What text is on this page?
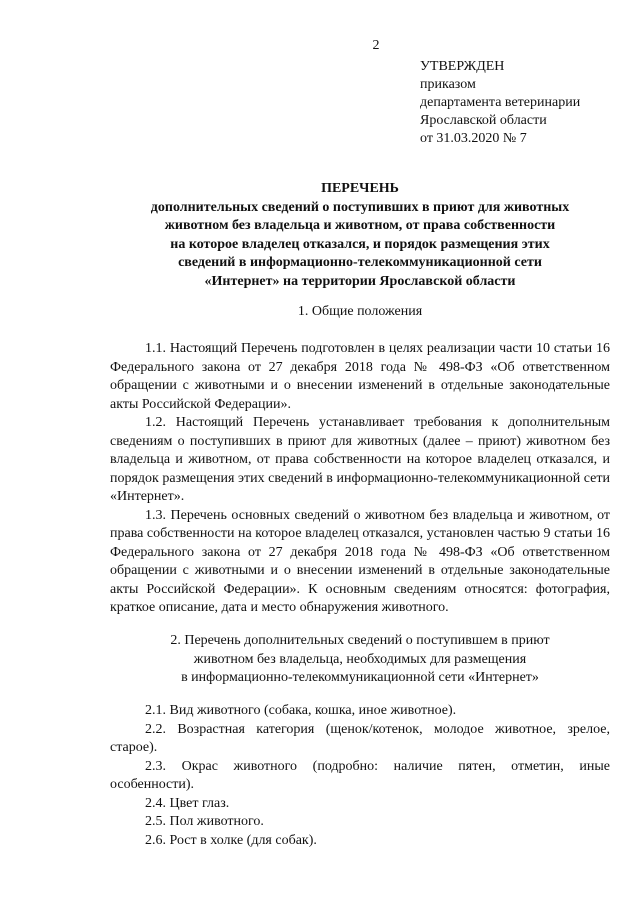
2
УТВЕРЖДЕН
приказом
департамента ветеринарии
Ярославской области
от 31.03.2020 № 7
ПЕРЕЧЕНЬ
дополнительных сведений о поступивших в приют для животных
животном без владельца и животном, от права собственности
на которое владелец отказался, и порядок размещения этих
сведений в информационно-телекоммуникационной сети
«Интернет» на территории Ярославской области
1. Общие положения

1.1. Настоящий Перечень подготовлен в целях реализации части 10 статьи 16 Федерального закона от 27 декабря 2018 года № 498-ФЗ «Об ответственном обращении с животными и о внесении изменений в отдельные законодательные акты Российской Федерации».

1.2. Настоящий Перечень устанавливает требования к дополнительным сведениям о поступивших в приют для животных (далее – приют) животном без владельца и животном, от права собственности на которое владелец отказался, и порядок размещения этих сведений в информационно-телекоммуникационной сети «Интернет».

1.3. Перечень основных сведений о животном без владельца и животном, от права собственности на которое владелец отказался, установлен частью 9 статьи 16 Федерального закона от 27 декабря 2018 года № 498-ФЗ «Об ответственном обращении с животными и о внесении изменений в отдельные законодательные акты Российской Федерации». К основным сведениям относятся: фотография, краткое описание, дата и место обнаружения животного.

2. Перечень дополнительных сведений о поступившем в приют
животном без владельца, необходимых для размещения
в информационно-телекоммуникационной сети «Интернет»

2.1. Вид животного (собака, кошка, иное животное).

2.2. Возрастная категория (щенок/котенок, молодое животное, зрелое, старое).

2.3. Окрас животного (подробно: наличие пятен, отметин, иные особенности).

2.4. Цвет глаз.

2.5. Пол животного.

2.6. Рост в холке (для собак).
